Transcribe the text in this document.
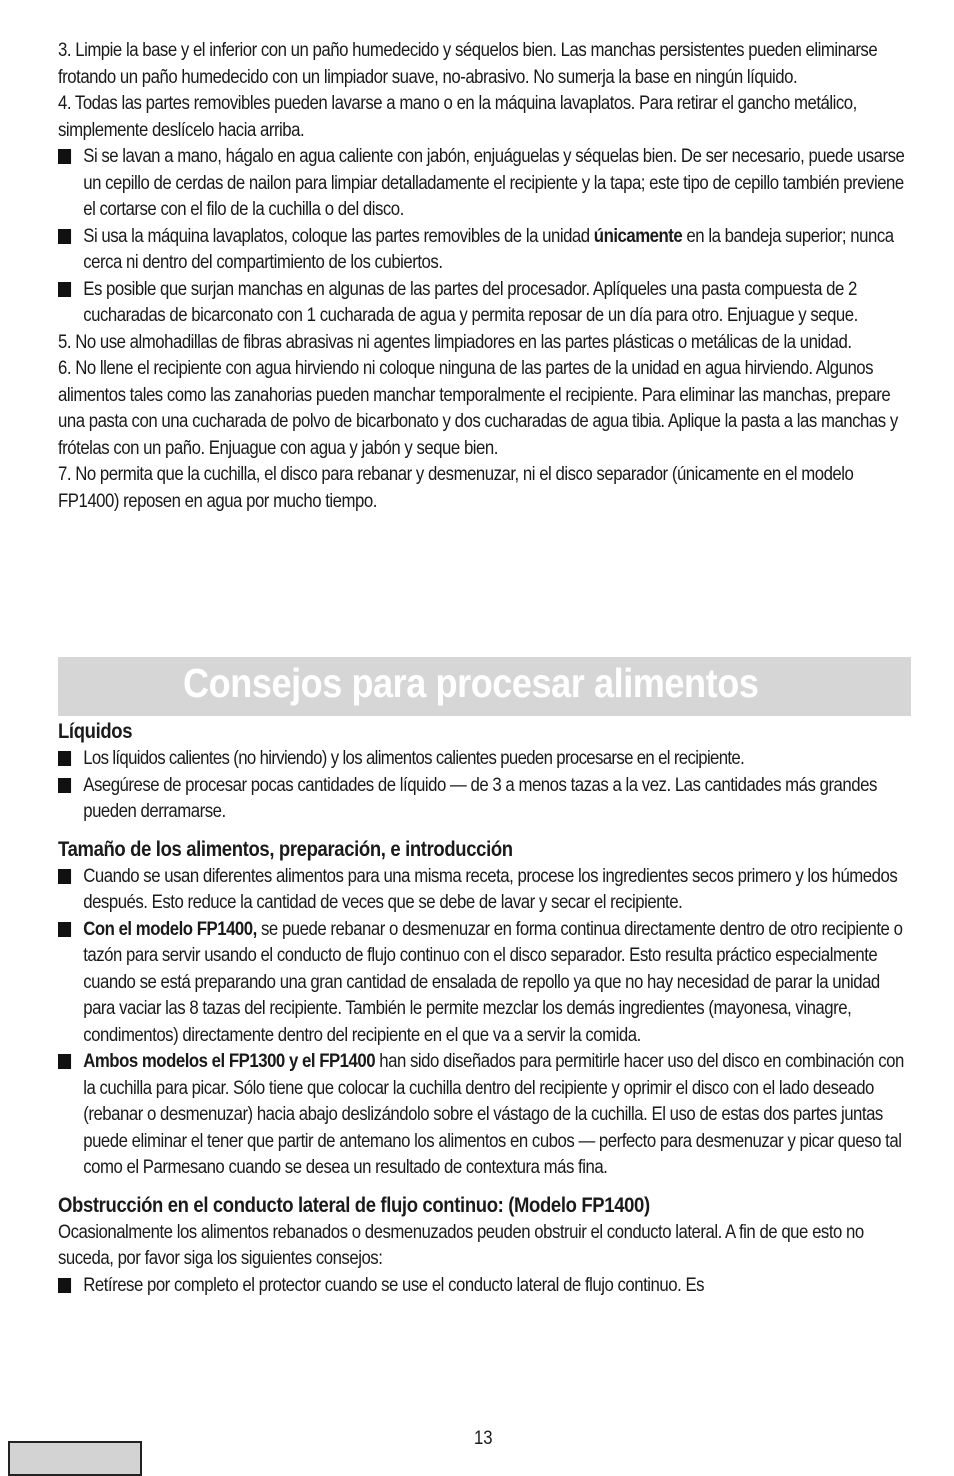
3. Limpie la base y el inferior con un paño humedecido y séquelos bien. Las manchas persistentes pueden eliminarse frotando un paño humedecido con un limpiador suave, no-abrasivo. No sumerja la base en ningún líquido.

4. Todas las partes removibles pueden lavarse a mano o en la máquina lavaplatos. Para retirar el gancho metálico, simplemente deslícelo hacia arriba.

Si se lavan a mano, hágalo en agua caliente con jabón, enjuáguelas y séquelas bien. De ser necesario, puede usarse un cepillo de cerdas de nailon para limpiar detalladamente el recipiente y la tapa; este tipo de cepillo también previene el cortarse con el filo de la cuchilla o del disco.
Si usa la máquina lavaplatos, coloque las partes removibles de la unidad únicamente en la bandeja superior; nunca cerca ni dentro del compartimiento de los cubiertos.
Es posible que surjan manchas en algunas de las partes del procesador. Aplíqueles una pasta compuesta de 2 cucharadas de bicarconato con 1 cucharada de agua y permita reposar de un día para otro. Enjuague y seque.

5. No use almohadillas de fibras abrasivas ni agentes limpiadores en las partes plásticas o metálicas de la unidad.

6. No llene el recipiente con agua hirviendo ni coloque ninguna de las partes de la unidad en agua hirviendo. Algunos alimentos tales como las zanahorias pueden manchar temporalmente el recipiente. Para eliminar las manchas, prepare una pasta con una cucharada de polvo de bicarbonato y dos cucharadas de agua tibia. Aplique la pasta a las manchas y frótelas con un paño. Enjuague con agua y jabón y seque bien.

7. No permita que la cuchilla, el disco para rebanar y desmenuzar, ni el disco separador (únicamente en el modelo FP1400) reposen en agua por mucho tiempo.

Consejos para procesar alimentos

Líquidos

Los líquidos calientes (no hirviendo) y los alimentos calientes pueden procesarse en el recipiente.
Asegúrese de procesar pocas cantidades de líquido — de 3 a menos tazas a la vez. Las cantidades más grandes pueden derramarse.

Tamaño de los alimentos, preparación, e introducción

Cuando se usan diferentes alimentos para una misma receta, procese los ingredientes secos primero y los húmedos después. Esto reduce la cantidad de veces que se debe de lavar y secar el recipiente.
Con el modelo FP1400, se puede rebanar o desmenuzar en forma continua directamente dentro de otro recipiente o tazón para servir usando el conducto de flujo continuo con el disco separador. Esto resulta práctico especialmente cuando se está preparando una gran cantidad de ensalada de repollo ya que no hay necesidad de parar la unidad para vaciar las 8 tazas del recipiente. También le permite mezclar los demás ingredientes (mayonesa, vinagre, condimentos) directamente dentro del recipiente en el que va a servir la comida.
Ambos modelos el FP1300 y el FP1400 han sido diseñados para permitirle hacer uso del disco en combinación con la cuchilla para picar. Sólo tiene que colocar la cuchilla dentro del recipiente y oprimir el disco con el lado deseado (rebanar o desmenuzar) hacia abajo deslizándolo sobre el vástago de la cuchilla. El uso de estas dos partes juntas puede eliminar el tener que partir de antemano los alimentos en cubos — perfecto para desmenuzar y picar queso tal como el Parmesano cuando se desea un resultado de contextura más fina.

Obstrucción en el conducto lateral de flujo continuo: (Modelo FP1400)

Ocasionalmente los alimentos rebanados o desmenuzados peuden obstruir el conducto lateral. A fin de que esto no suceda, por favor siga los siguientes consejos:

Retírese por completo el protector cuando se use el conducto lateral de flujo continuo. Es
13
